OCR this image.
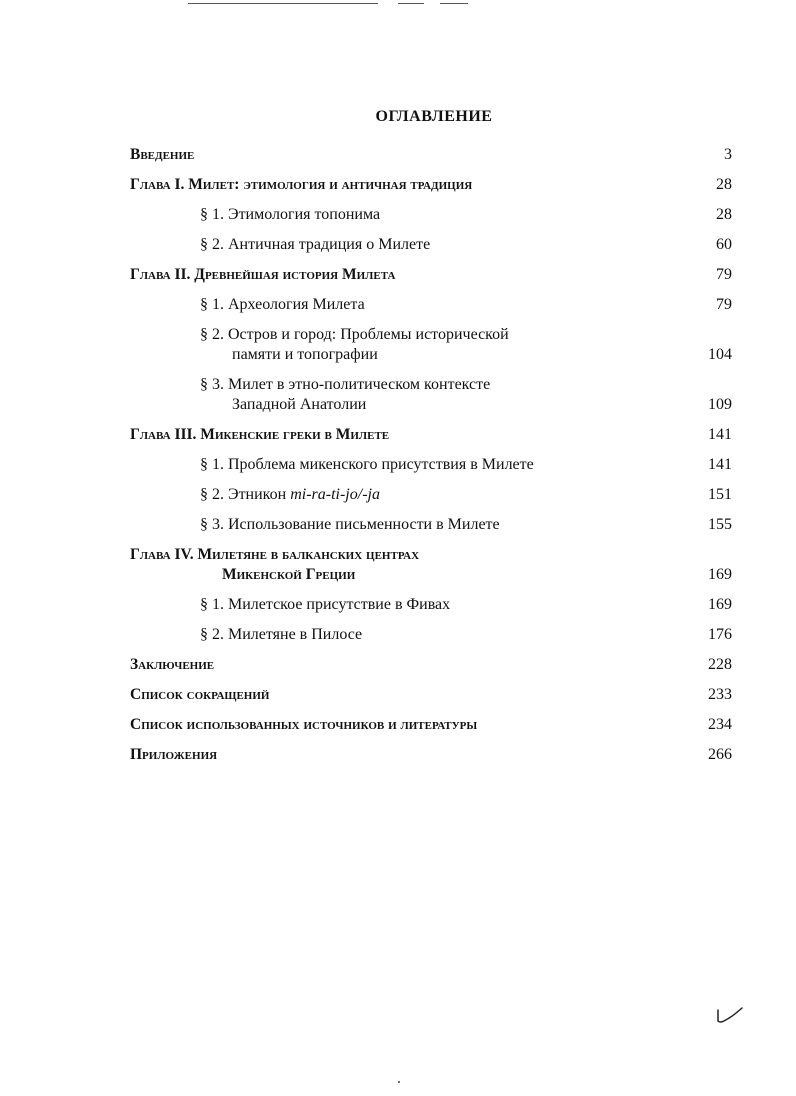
ОГЛАВЛЕНИЕ
Введение	3
Глава I. Милет: этимология и античная традиция	28
§ 1. Этимология топонима	28
§ 2. Античная традиция о Милете	60
Глава II. Древнейшая история Милета	79
§ 1. Археология Милета	79
§ 2. Остров и город: Проблемы исторической
памяти и топографии	104
§ 3. Милет в этно-политическом контексте
Западной Анатолии	109
Глава III. Микенские греки в Милете	141
§ 1. Проблема микенского присутствия в Милете	141
§ 2. Этникон mi-ra-ti-jo/-ja	151
§ 3. Использование письменности в Милете	155
Глава IV. Милетяне в балканских центрах
Микенской Греции	169
§ 1. Милетское присутствие в Фивах	169
§ 2. Милетяне в Пилосе	176
Заключение	228
Список сокращений	233
Список использованных источников и литературы	234
Приложения	266
